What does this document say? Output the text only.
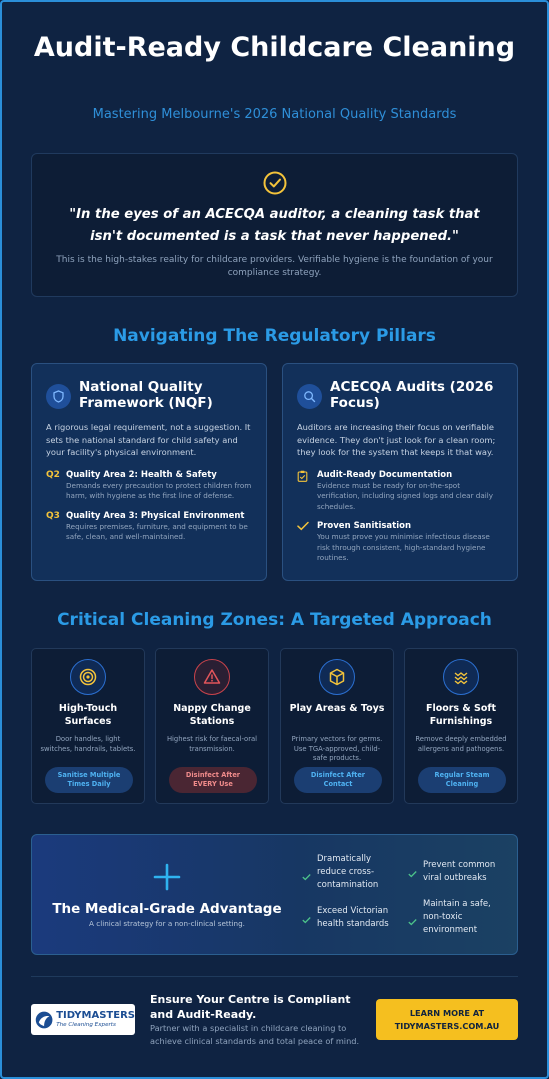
Audit-Ready Childcare Cleaning
Mastering Melbourne's 2026 National Quality Standards
"In the eyes of an ACECQA auditor, a cleaning task that isn't documented is a task that never happened."
This is the high-stakes reality for childcare providers. Verifiable hygiene is the foundation of your compliance strategy.
Navigating The Regulatory Pillars
National Quality Framework (NQF)
A rigorous legal requirement, not a suggestion. It sets the national standard for child safety and your facility's physical environment.
Q2 Quality Area 2: Health & Safety
Demands every precaution to protect children from harm, with hygiene as the first line of defense.
Q3 Quality Area 3: Physical Environment
Requires premises, furniture, and equipment to be safe, clean, and well-maintained.
ACECQA Audits (2026 Focus)
Auditors are increasing their focus on verifiable evidence. They don't just look for a clean room; they look for the system that keeps it that way.
Audit-Ready Documentation
Evidence must be ready for on-the-spot verification, including signed logs and clear daily schedules.
Proven Sanitisation
You must prove you minimise infectious disease risk through consistent, high-standard hygiene routines.
Critical Cleaning Zones: A Targeted Approach
High-Touch Surfaces
Door handles, light switches, handrails, tablets.
Sanitise Multiple Times Daily
Nappy Change Stations
Highest risk for faecal-oral transmission.
Disinfect After EVERY Use
Play Areas & Toys
Primary vectors for germs. Use TGA-approved, child-safe products.
Disinfect After Contact
Floors & Soft Furnishings
Remove deeply embedded allergens and pathogens.
Regular Steam Cleaning
The Medical-Grade Advantage
A clinical strategy for a non-clinical setting.
Dramatically reduce cross-contamination
Prevent common viral outbreaks
Exceed Victorian health standards
Maintain a safe, non-toxic environment
TIDYMASTERS
The Cleaning Experts
Ensure Your Centre is Compliant and Audit-Ready.
Partner with a specialist in childcare cleaning to achieve clinical standards and total peace of mind.
LEARN MORE AT TIDYMASTERS.COM.AU
